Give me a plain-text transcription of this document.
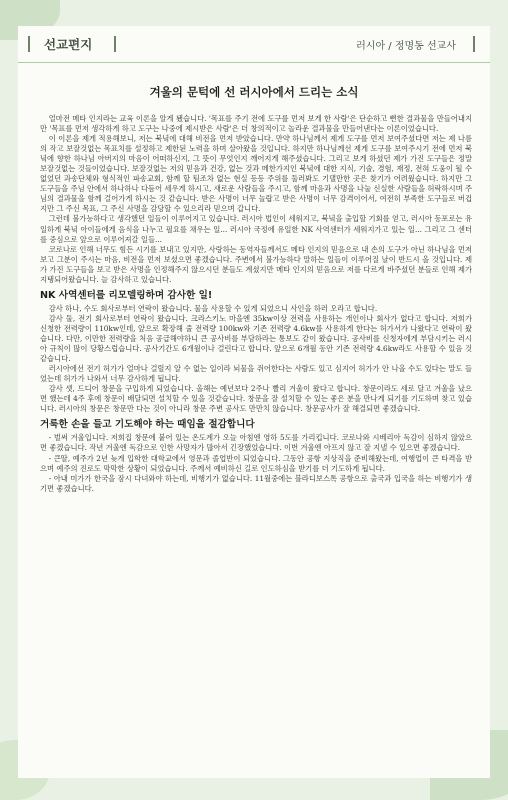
선교편지	러시아 / 정명동 선교사
겨울의 문턱에 선 러시아에서 드리는 소식

얼마전 메타 인지라는 교육 이론을 알게 됐습니다. '목표를 주기 전에 도구를 먼저 보게 한 사람'은 단순하고 뻔한 결과물을 만들어내지만 '목표를 먼저 생각하게 하고 도구는 나중에 제시받은 사람'은 더 창의적이고 놀라운 결과물을 만들어낸다는 이론이었습니다.

이 이론을 제게 적용해보니, 저는 북녘에 대해 비전을 먼저 받았습니다. 만약 하나님께서 제게 도구를 먼저 보여주셨다면 저는 제 나름의 작고 보잘것없는 목표치를 설정하고 제한된 노력을 하며 살아왔을 것입니다. 하지만 하나님께선 제게 도구를 보여주시기 전에 먼저 북녘에 향한 하나님 아버지의 마음이 어떠하신지, 그 뜻이 무엇인지 깨어지게 해주셨습니다. 그리고 보게 하셨던 제가 가진 도구들은 정말 보잘것없는 것들이었습니다. 보잘것없는 저의 믿음과 건강, 없는 것과 메한가지인 북녘에 대한 지식, 기술, 경험, 재정, 전혀 도움이 될 수 없었던 과송단체와 형식적인 파송교회, 함께 할 팀조차 없는 현실 등등 주위를 둘러봐도 기댈만한 곳은 찾기가 어려웠습니다. 하지만 그 도구들을 주님 안에서 하나하나 다듬어 세우게 하시고, 새로운 사람들을 주시고, 함께 마음과 사명을 나눌 신실한 사람들을 허락하시며 주님의 결과물을 함께 걸어가게 하시는 것 같습니다. 받은 사명이 너무 놀랍고 받은 사명이 너무 감격이어서, 여전히 부족한 도구들로 버겁지만 그 주신 목표, 그 주신 사명을 감당할 수 있으리라 믿으며 갑니다.

그런데 불가능하다고 생각했던 일들이 이루어지고 있습니다. 러시아 법인이 세워지고, 북녘을 출입할 기회를 얻고, 러시아 동포로는 유일하게 북녘 아이들에게 음식을 나누고 필요를 채우는 일... 러시아 국정에 유일한 NK 사역센터가 세워지가고 있는 일... 그리고 그 센터를 중심으로 앞으로 이루어져갈 일들...

코로나로 인해 너무도 힘든 시기를 보내고 있지만, 사랑하는 동역자들께서도 메타 인지의 믿음으로 내 손의 도구가 아닌 하나님을 먼저 보고 그분이 주시는 마음, 비전을 먼저 보셨으면 좋겠습니다. 주변에서 불가능하다 말하는 일들이 이루어질 날이 반드시 올 것입니다. 제가 가진 도구들을 보고 받은 사명을 인정해주지 않으시던 분들도 계셨지만 메타 인지의 믿음으로 저를 다르게 바주셨던 분들로 인해 제가 지탱되어왔습니다. 늘 감사하고 있습니다.

NK 사역센터를 리모델링하며 감사한 일!

감사 하나, 수도 회사로부터 연락이 왔습니다. 물을 사용할 수 있게 되었으니 사인을 하러 오라고 합니다.

감사 둘, 전기 회사로부터 연락이 왔습니다. 크라스키노 마을엔 35kw이상 전력을 사용하는 개인이나 회사가 없다고 합니다. 저희가 신청한 전력량이 110kw인데, 앞으로 확장해 줄 전력량 100kw와 기존 전력량 4.6kw를 사용하게 한다는 허가서가 나왔다고 연락이 왔습니다. 다만, 이만한 전력량을 처음 공급해야하니 큰 공사비를 부담하라는 통보도 같이 왔습니다. 공사비를 신청자에게 부담시키는 러시아 규칙이 많이 당황스럽습니다. 공사기간도 6개월이나 걸린다고 합니다. 앞으로 6개월 동안 기존 전력량 4.6kw라도 사용할 수 있음 것 같습니다.

러시아에선 전기 허가가 얼마나 걸릴지 알 수 없는 일이라 뇌물을 쥐어한다는 사람도 있고 심지어 허가가 안 나올 수도 있다는 말도 들었는데 허가가 나와서 너무 감사하게 됩니다.

감사 셋, 드디어 창문을 구입하게 되었습니다. 올해는 예년보다 2주나 빨리 겨울이 왔다고 합니다. 창문이라도 세로 달고 겨울을 났으면 했는데 4주 후에 창문이 배달되면 설치할 수 있을 것같습니다. 창문을 잘 설치할 수 있는 좋은 분을 만나게 되기를 기도하며 찾고 있습니다. 러시아의 창문은 창문만 다는 것이 아니라 창문 주변 공사도 만만치 않습니다. 창문공사가 잘 해결되면 좋겠습니다.

거룩한 손을 들고 기도해야 하는 때임을 절감합니다

- 벌써 겨울입니다. 저희집 창문에 붙어 있는 온도계가 오늘 아침엔 영하 5도를 가리킵니다. 코로나와 시베리아 독감이 심하지 않았으면 좋겠습니다. 작년 겨울엔 독감으로 인한 사망자가 많아서 긴장했었습니다. 이번 겨울엔 아프지 않고 잘 지낼 수 있으면 좋겠습니다.

- 큰딸, 예주가 2년 늦게 입학한 대학교에서 영문과 졸업반이 되었습니다. 그동안 공항 지상직을 준비해왔는데, 여행업이 큰 타격을 받으며 예주의 진로도 막막한 상황이 되었습니다. 주께서 예비하신 길로 인도하심을 받기를 더 기도하게 됩니다.

- 아내 미가가 한국을 잠시 다녀와야 하는데, 비행기가 없습니다. 11월중에는 블라디보스톡 공항으로 출국과 입국을 하는 비행기가 생기면 좋겠습니다.
